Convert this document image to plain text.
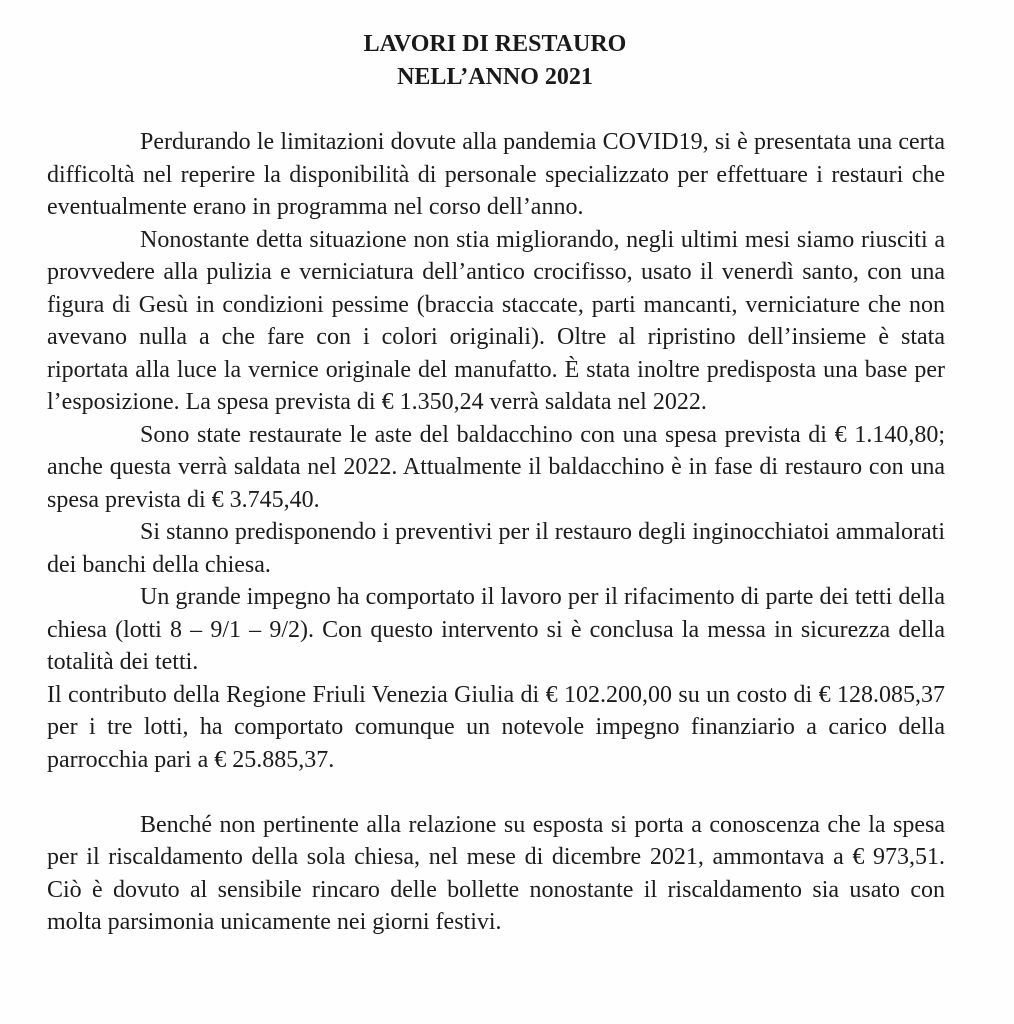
LAVORI DI RESTAURO
NELL’ANNO 2021

Perdurando le limitazioni dovute alla pandemia COVID19, si è presentata una certa difficoltà nel reperire la disponibilità di personale specializzato per effettuare i restauri che eventualmente erano in programma nel corso dell’anno.

Nonostante detta situazione non stia migliorando, negli ultimi mesi siamo riusciti a provvedere alla pulizia e verniciatura dell’antico crocifisso, usato il venerdì santo, con una figura di Gesù in condizioni pessime (braccia staccate, parti mancanti, verniciature che non avevano nulla a che fare con i colori originali). Oltre al ripristino dell’insieme è stata riportata alla luce la vernice originale del manufatto. È stata inoltre predisposta una base per l’esposizione. La spesa prevista di € 1.350,24 verrà saldata nel 2022.

Sono state restaurate le aste del baldacchino con una spesa prevista di € 1.140,80; anche questa verrà saldata nel 2022. Attualmente il baldacchino è in fase di restauro con una spesa prevista di € 3.745,40.

Si stanno predisponendo i preventivi per il restauro degli inginocchiatoi ammalorati dei banchi della chiesa.

Un grande impegno ha comportato il lavoro per il rifacimento di parte dei tetti della chiesa (lotti 8 – 9/1 – 9/2). Con questo intervento si è conclusa la messa in sicurezza della totalità dei tetti.

Il contributo della Regione Friuli Venezia Giulia di € 102.200,00 su un costo di € 128.085,37 per i tre lotti, ha comportato comunque un notevole impegno finanziario a carico della parrocchia pari a € 25.885,37.

Benché non pertinente alla relazione su esposta si porta a conoscenza che la spesa per il riscaldamento della sola chiesa, nel mese di dicembre 2021, ammontava a € 973,51. Ciò è dovuto al sensibile rincaro delle bollette nonostante il riscaldamento sia usato con molta parsimonia unicamente nei giorni festivi.
